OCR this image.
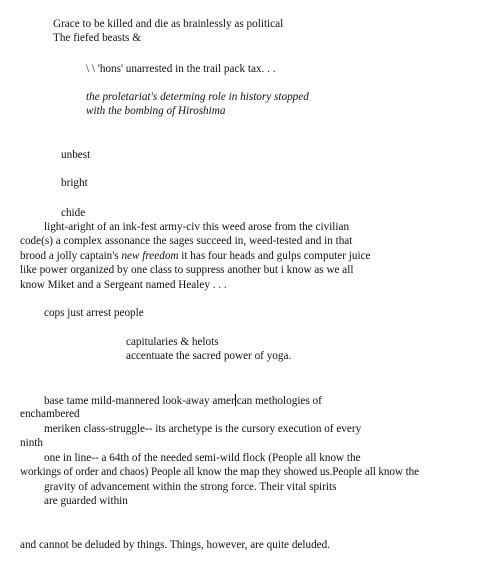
Grace to be killed and die as brainlessly as political
The fiefed beasts &
\ \ 'hons' unarrested in the trail pack tax. . .
the proletariat's determing role in history stopped
with the bombing of Hiroshima
unbest
bright
chide
light-aright of an ink-fest army-civ this weed arose from the civilian
code(s) a complex assonance the sages succeed in, weed-tested and in that
brood a jolly captain's new freedom it has four heads and gulps computer juice
like power organized by one class to suppress another but i know as we all
know Miket and a Sergeant named Healey . . .
cops just arrest people
capitularies & helots
accentuate the sacred power of yoga.
base tame mild-mannered look-away amer can methologies of
enchambered
meriken class-struggle-- its archetype is the cursory execution of every
ninth
one in line-- a 64th of the needed semi-wild flock (People all know the
workings of order and chaos) People all know the map they showed us.People all know the
gravity of advancement within the strong force. Their vital spirits
are guarded within
and cannot be deluded by things. Things, however, are quite deluded.
